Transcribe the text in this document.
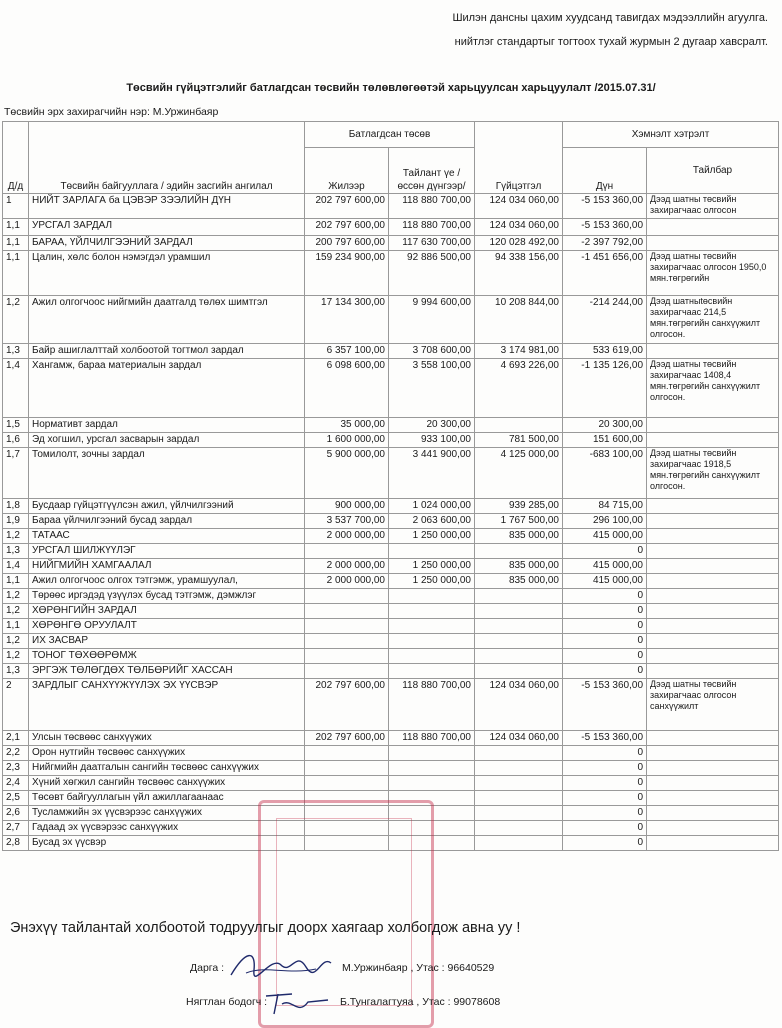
Шилэн дансны цахим хуудсанд тавигдах мэдээллийн агуулга.
нийтлэг стандартыг тогтоох тухай журмын 2 дугаар хавсралт.
Төсвийн гүйцэтгэлийг батлагдсан төсвийн төлөвлөгөөтэй харьцуулсан харьцуулалт /2015.07.31/
Төсвийн эрх захирагчийн нэр: М.Уржинбаяр
Д/д	Төсвийн байгууллага / эдийн засгийн ангилал	Батлагдсан төсөв		Гүйцэтгэл	Хэмнэлт хэтрэлт	
		Жилээр	Тайлант үе /өссөн дүнгээр/		Дүн	Тайлбар
1	НИЙТ ЗАРЛАГА ба ЦЭВЭР ЗЭЭЛИЙН ДҮН	202 797 600,00	118 880 700,00	124 034 060,00	-5 153 360,00	Дээд шатны төсвийн захирагчаас олгосон
1,1	УРСГАЛ ЗАРДАЛ	202 797 600,00	118 880 700,00	124 034 060,00	-5 153 360,00	
1,1	БАРАА, ҮЙЛЧИЛГЭЭНИЙ ЗАРДАЛ	200 797 600,00	117 630 700,00	120 028 492,00	-2 397 792,00	
1,1	Цалин, хөлс болон нэмэгдэл урамшил	159 234 900,00	92 886 500,00	94 338 156,00	-1 451 656,00	Дээд шатны төсвийн захирагчаас олгосон 1950,0 мян.төгрөгийн
1,2	Ажил олгогчоос нийгмийн даатгалд төлөх шимтгэл	17 134 300,00	9 994 600,00	10 208 844,00	-214 244,00	Дээд шатныtөсвийн захирагчаас 214,5 мян.төгрөгийн санхүүжилт олгосон.
1,3	Байр ашиглалттай холбоотой тогтмол зардал	6 357 100,00	3 708 600,00	3 174 981,00	533 619,00	
1,4	Хангамж, бараа материалын зардал	6 098 600,00	3 558 100,00	4 693 226,00	-1 135 126,00	Дээд шатны төсвийн захирагчаас 1408,4 мян.төгрөгийн санхүүжилт олгосон.
1,5	Нормативт зардал	35 000,00	20 300,00		20 300,00	
1,6	Эд хогшил, урсгал засварын зардал	1 600 000,00	933 100,00	781 500,00	151 600,00	
1,7	Томилолт, зочны зардал	5 900 000,00	3 441 900,00	4 125 000,00	-683 100,00	Дээд шатны төсвийн захирагчаас 1918,5 мян.төгрөгийн санхүүжилт олгосон.
1,8	Бусдаар гүйцэтгүүлсэн ажил, үйлчилгээний	900 000,00	1 024 000,00	939 285,00	84 715,00	
1,9	Бараа үйлчилгээний бусад зардал	3 537 700,00	2 063 600,00	1 767 500,00	296 100,00	
1,2	ТАТААС	2 000 000,00	1 250 000,00	835 000,00	415 000,00	
1,3	УРСГАЛ ШИЛЖҮҮЛЭГ				0	
1,4	НИЙГМИЙН ХАМГААЛАЛ	2 000 000,00	1 250 000,00	835 000,00	415 000,00	
1,1	Ажил олгогчоос олгох тэтгэмж, урамшуулал,	2 000 000,00	1 250 000,00	835 000,00	415 000,00	
1,2	Төрөөс иргэдэд үзүүлэх бусад тэтгэмж, дэмжлэг				0	
1,2	ХӨРӨНГИЙН ЗАРДАЛ				0	
1,1	ХӨРӨНГӨ ОРУУЛАЛТ				0	
1,2	ИХ ЗАСВАР				0	
1,2	ТОНОГ ТӨХӨӨРӨМЖ				0	
1,3	ЭРГЭЖ ТӨЛӨГДӨХ ТӨЛБӨРИЙГ ХАССАН				0	
2	ЗАРДЛЫГ САНХҮҮЖҮҮЛЭХ ЭХ ҮҮСВЭР	202 797 600,00	118 880 700,00	124 034 060,00	-5 153 360,00	Дээд шатны төсвийн захирагчаас олгосон санхүүжилт
2,1	Улсын төсвөөс санхүүжих	202 797 600,00	118 880 700,00	124 034 060,00	-5 153 360,00	
2,2	Орон нутгийн төсвөөс санхүүжих				0	
2,3	Нийгмийн даатгалын сангийн төсвөөс санхүүжих				0	
2,4	Хүний хөгжил сангийн төсвөөс санхүүжих				0	
2,5	Төсөвт байгууллагын үйл ажиллагаанаас				0	
2,6	Тусламжийн эх үүсвэрээс санхүүжих				0	
2,7	Гадаад эх үүсвэрээс санхүүжих				0	
2,8	Бусад эх үүсвэр				0	
Энэхүү тайлантай холбоотой тодруулгыг доорх хаягаар холбогдож авна уу !
Дарга :	М.Уржинбаяр , Утас : 96640529
Нягтлан бодогч :	Б.Тунгалагтуяа , Утас : 99078608
